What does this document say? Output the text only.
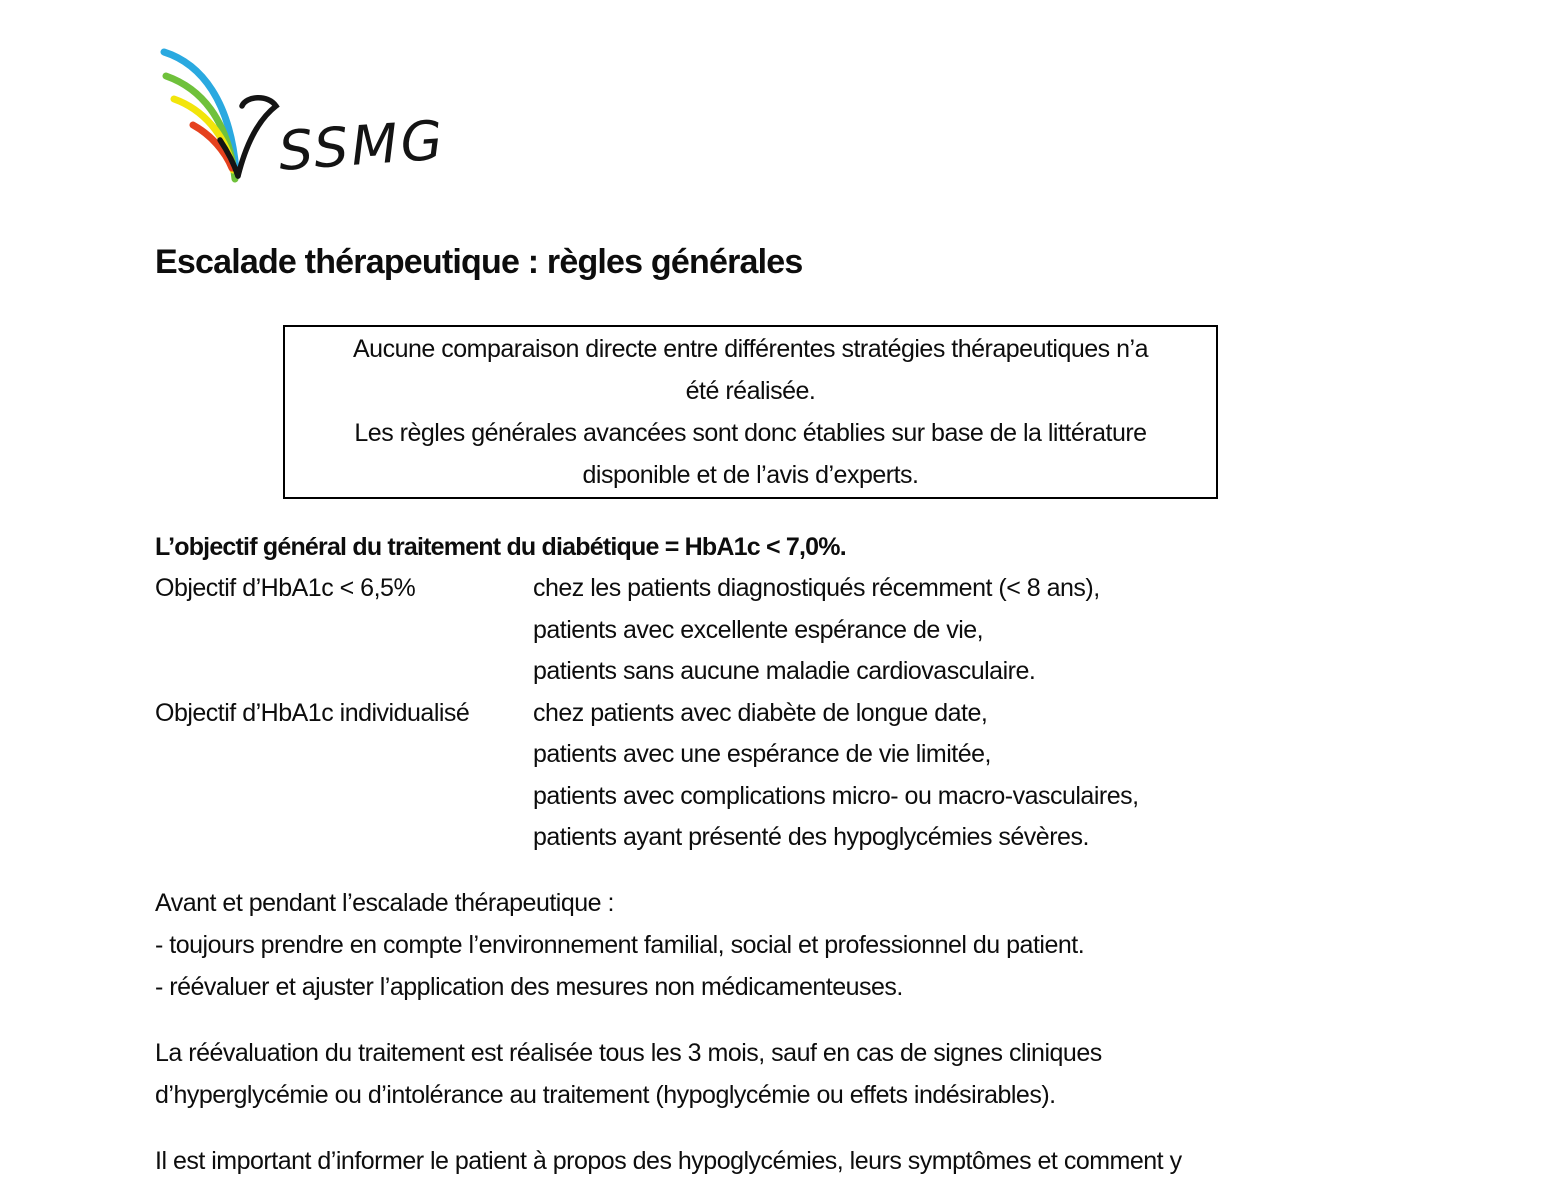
SSMG
Escalade thérapeutique : règles générales
Aucune comparaison directe entre différentes stratégies thérapeutiques n’a
été réalisée.
Les règles générales avancées sont donc établies sur base de la littérature
disponible et de l’avis d’experts.
L’objectif général du traitement du diabétique = HbA1c < 7,0%.
Objectif d’HbA1c < 6,5%	chez les patients diagnostiqués récemment (< 8 ans),
patients avec excellente espérance de vie,
patients sans aucune maladie cardiovasculaire.
Objectif d’HbA1c individualisé	chez patients avec diabète de longue date,
patients avec une espérance de vie limitée,
patients avec complications micro- ou macro-vasculaires,
patients ayant présenté des hypoglycémies sévères.
Avant et pendant l’escalade thérapeutique :
- toujours prendre en compte l’environnement familial, social et professionnel du patient.
- réévaluer et ajuster l’application des mesures non médicamenteuses.
La réévaluation du traitement est réalisée tous les 3 mois, sauf en cas de signes cliniques
d’hyperglycémie ou d’intolérance au traitement (hypoglycémie ou effets indésirables).
Il est important d’informer le patient à propos des hypoglycémies, leurs symptômes et comment y
